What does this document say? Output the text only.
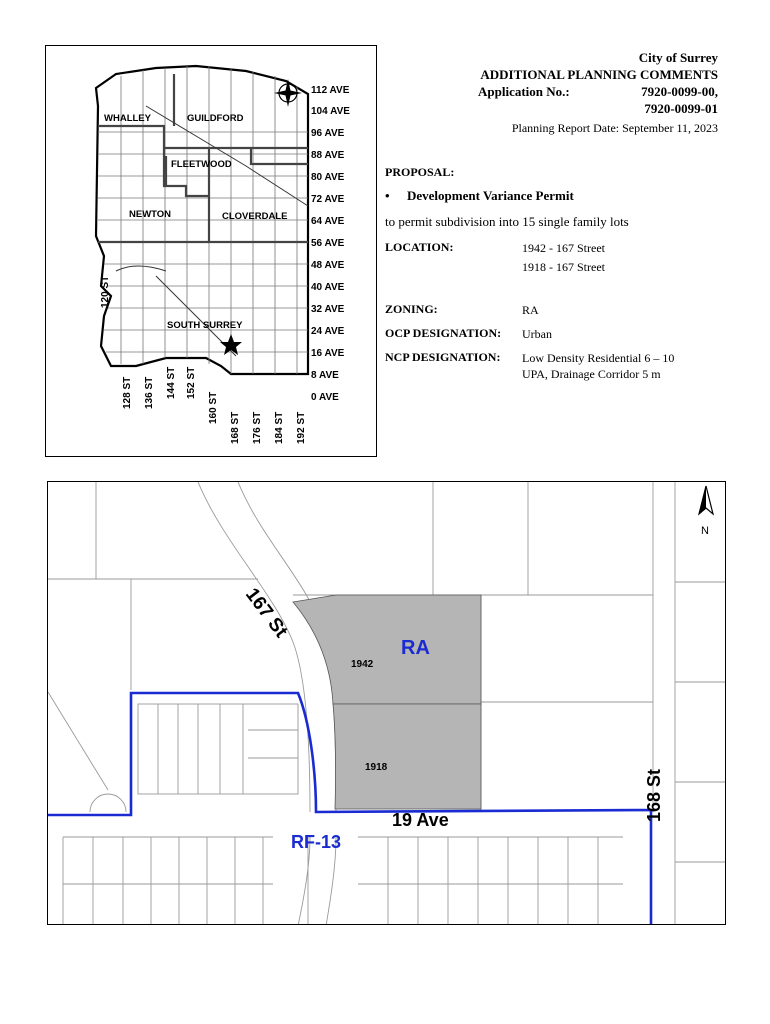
WHALLEY	GUILDFORD
FLEETWOOD
NEWTON	CLOVERDALE
SOUTH SURREY
112 AVE
104 AVE
96 AVE
88 AVE
80 AVE
72 AVE
64 AVE
56 AVE
48 AVE
40 AVE
32 AVE
24 AVE
16 AVE
8 AVE
0 AVE
120 ST
128 ST 136 ST 144 ST 152 ST
160 ST
168 ST 176 ST 184 ST 192 ST
City of Surrey
ADDITIONAL PLANNING COMMENTS
Application No.:	7920-0099-00,
7920-0099-01
Planning Report Date: September 11, 2023
PROPOSAL:
• Development Variance Permit
to permit subdivision into 15 single family lots
LOCATION:	1942 - 167 Street
1918 - 167 Street
ZONING:	RA
OCP DESIGNATION: Urban
NCP DESIGNATION: Low Density Residential 6 – 10
UPA, Drainage Corridor 5 m
N
167 St
168 St
19 Ave
RA
RF-13
1942
1918
